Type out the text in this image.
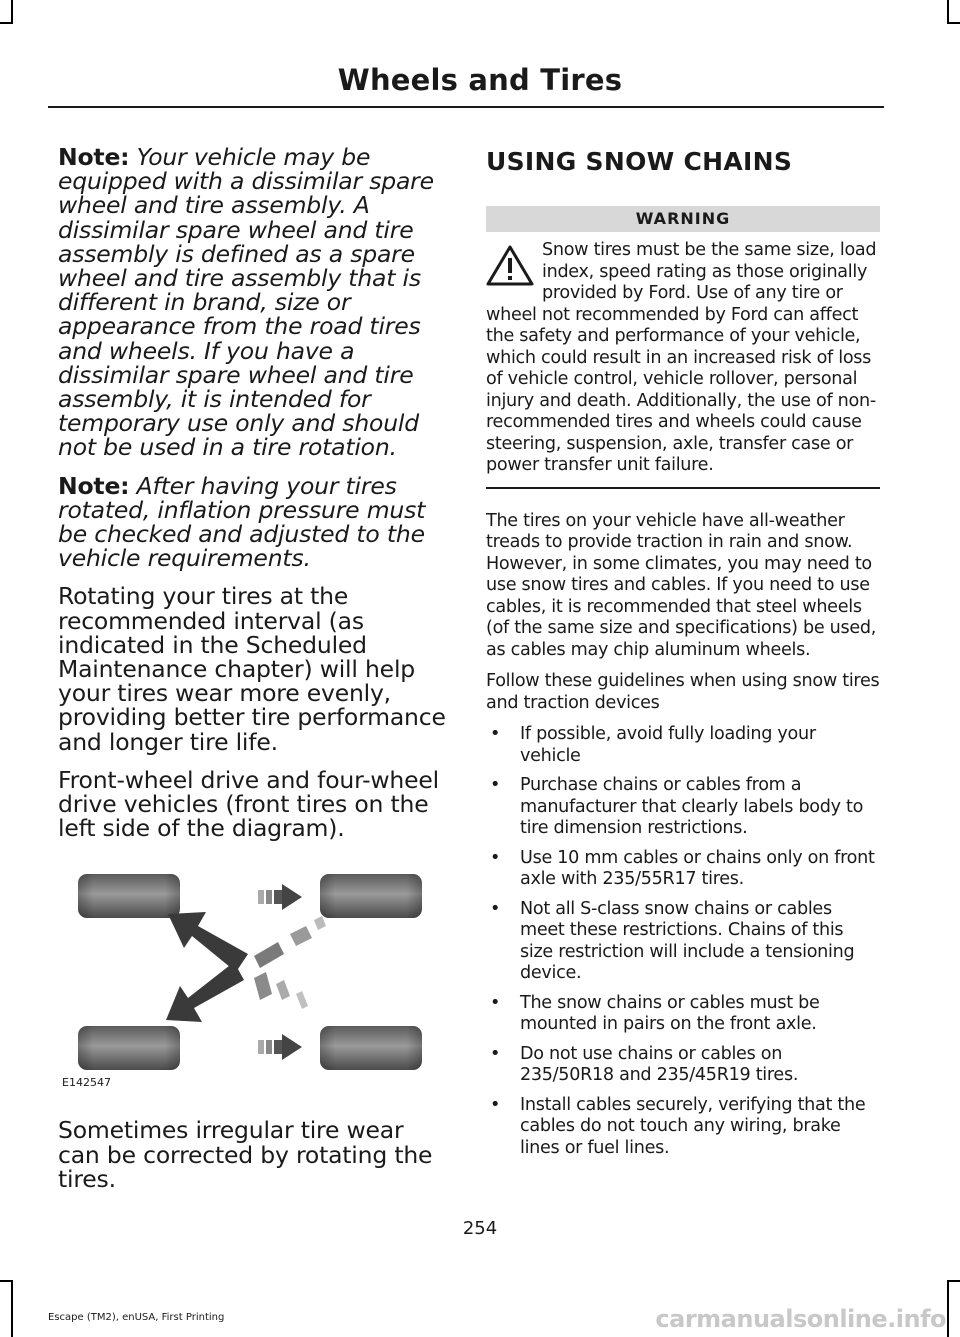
Wheels and Tires

Note: Your vehicle may be equipped with a dissimilar spare wheel and tire assembly. A dissimilar spare wheel and tire assembly is defined as a spare wheel and tire assembly that is different in brand, size or appearance from the road tires and wheels. If you have a dissimilar spare wheel and tire assembly, it is intended for temporary use only and should not be used in a tire rotation.

Note: After having your tires rotated, inflation pressure must be checked and adjusted to the vehicle requirements.

Rotating your tires at the recommended interval (as indicated in the Scheduled Maintenance chapter) will help your tires wear more evenly, providing better tire performance and longer tire life.

Front-wheel drive and four-wheel drive vehicles (front tires on the left side of the diagram).

E142547

Sometimes irregular tire wear can be corrected by rotating the tires.

USING SNOW CHAINS
WARNING
Snow tires must be the same size, load index, speed rating as those originally provided by Ford. Use of any tire or wheel not recommended by Ford can affect the safety and performance of your vehicle, which could result in an increased risk of loss of vehicle control, vehicle rollover, personal injury and death. Additionally, the use of non-recommended tires and wheels could cause steering, suspension, axle, transfer case or power transfer unit failure.

The tires on your vehicle have all-weather treads to provide traction in rain and snow. However, in some climates, you may need to use snow tires and cables. If you need to use cables, it is recommended that steel wheels (of the same size and specifications) be used, as cables may chip aluminum wheels.

Follow these guidelines when using snow tires and traction devices

• If possible, avoid fully loading your vehicle
• Purchase chains or cables from a manufacturer that clearly labels body to tire dimension restrictions.
• Use 10 mm cables or chains only on front axle with 235/55R17 tires.
• Not all S-class snow chains or cables meet these restrictions. Chains of this size restriction will include a tensioning device.
• The snow chains or cables must be mounted in pairs on the front axle.
• Do not use chains or cables on 235/50R18 and 235/45R19 tires.
• Install cables securely, verifying that the cables do not touch any wiring, brake lines or fuel lines.
254
Escape (TM2), enUSA, First Printing	carmanualsonline.info
